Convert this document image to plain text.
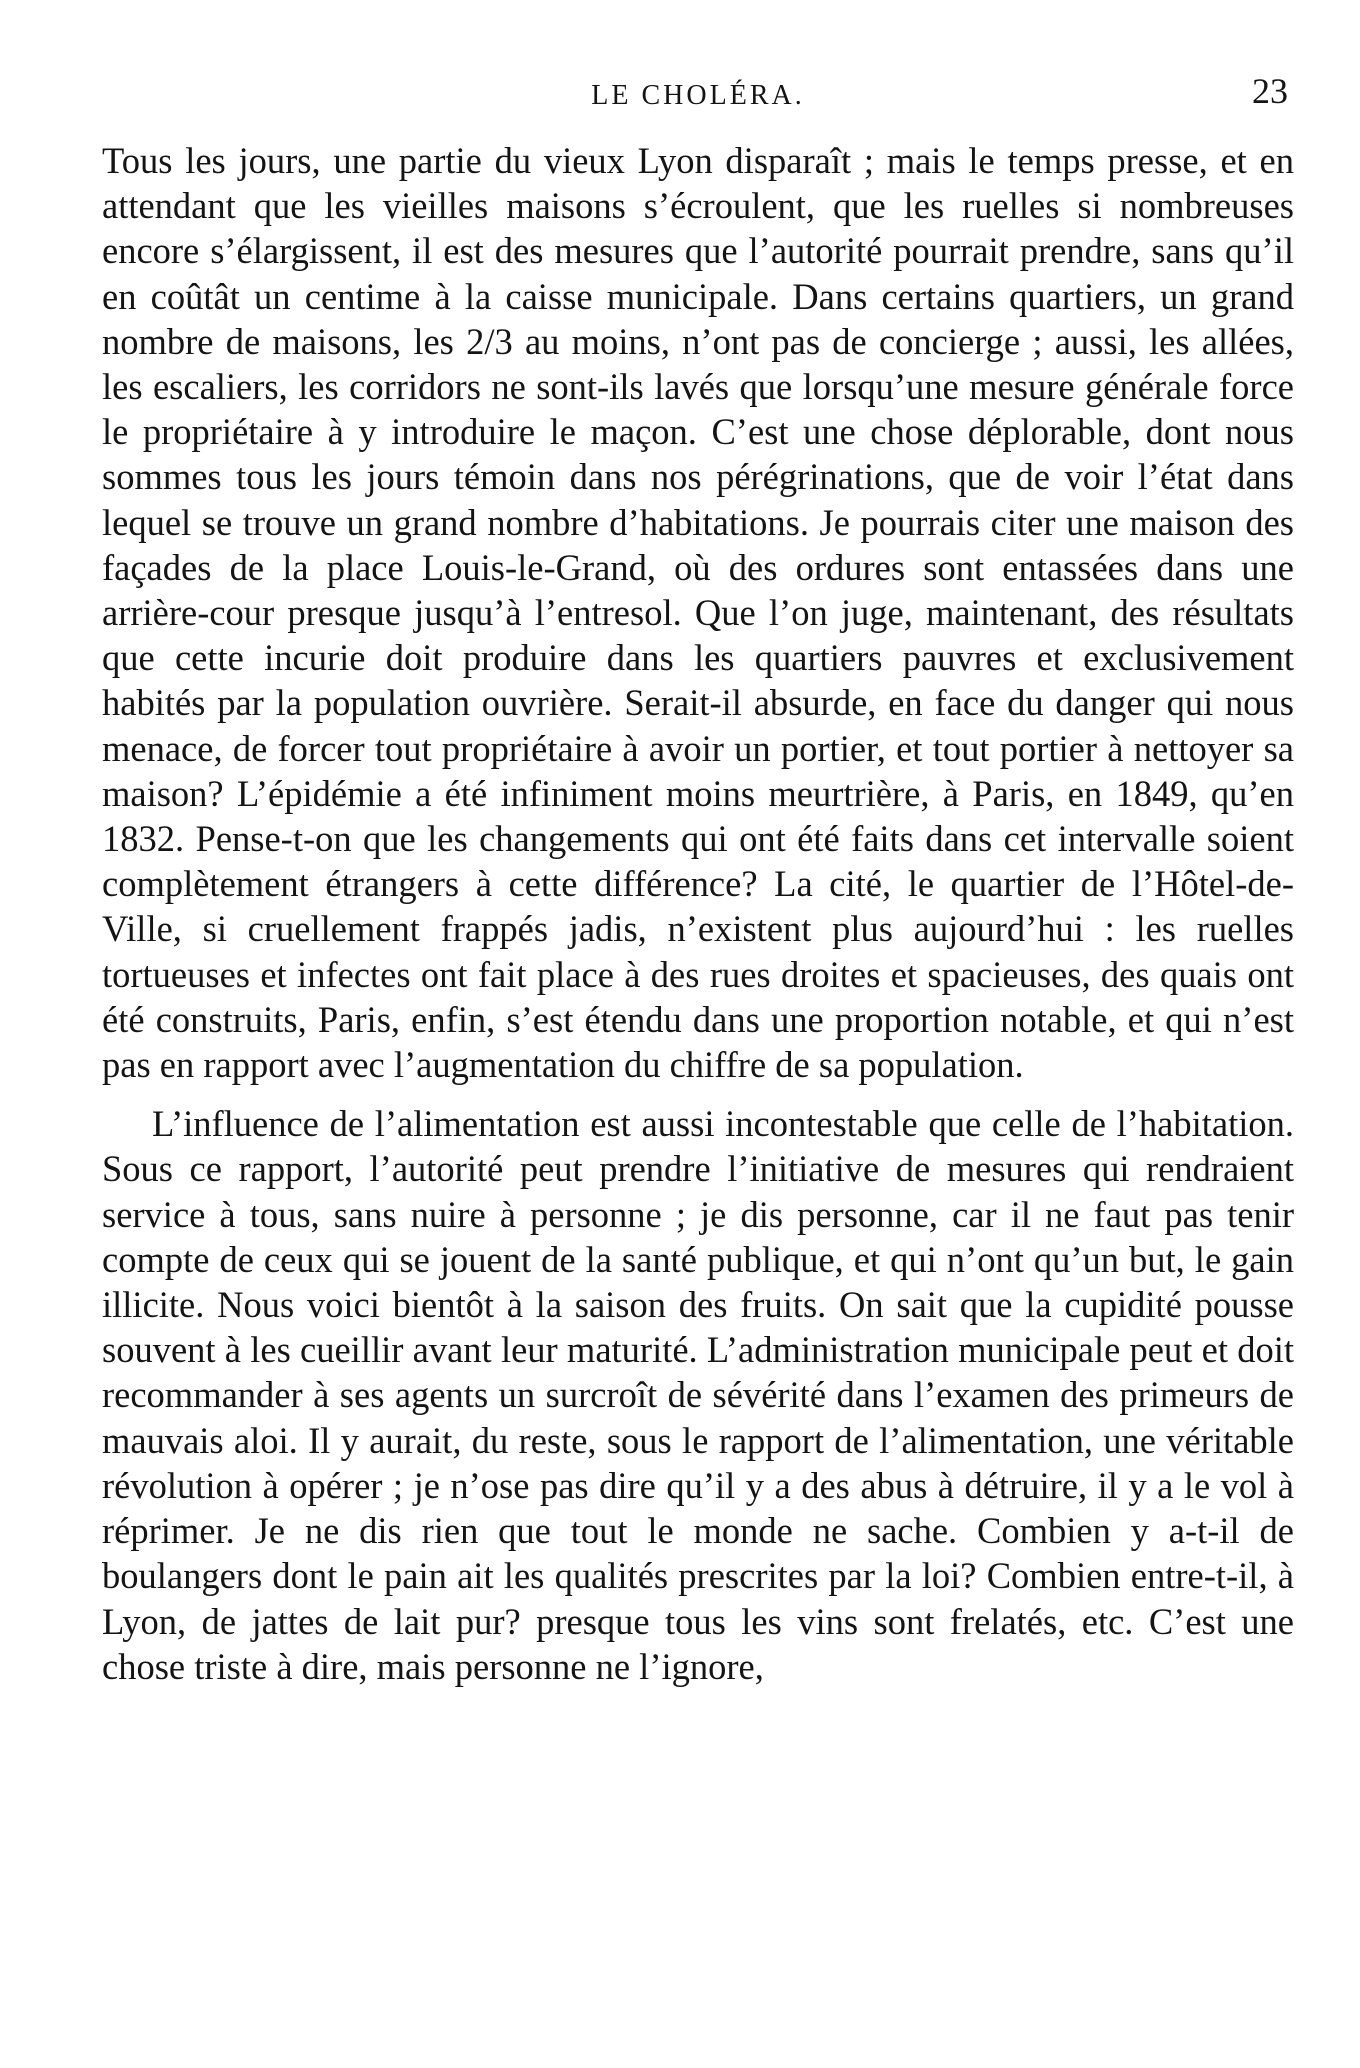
LE CHOLÉRA.	23

Tous les jours, une partie du vieux Lyon disparaît ; mais le temps presse, et en attendant que les vieilles maisons s’écroulent, que les ruelles si nombreuses encore s’élargissent, il est des mesures que l’autorité pourrait prendre, sans qu’il en coûtât un centime à la caisse municipale. Dans certains quartiers, un grand nombre de maisons, les 2/3 au moins, n’ont pas de concierge ; aussi, les allées, les escaliers, les corridors ne sont-ils lavés que lorsqu’une mesure générale force le propriétaire à y introduire le maçon. C’est une chose déplorable, dont nous sommes tous les jours témoin dans nos pérégrinations, que de voir l’état dans lequel se trouve un grand nombre d’habitations. Je pourrais citer une maison des façades de la place Louis-le-Grand, où des ordures sont entassées dans une arrière-cour presque jusqu’à l’entresol. Que l’on juge, maintenant, des résultats que cette incurie doit produire dans les quartiers pauvres et exclusivement habités par la population ouvrière. Serait-il absurde, en face du danger qui nous menace, de forcer tout propriétaire à avoir un portier, et tout portier à nettoyer sa maison? L’épidémie a été infiniment moins meurtrière, à Paris, en 1849, qu’en 1832. Pense-t-on que les changements qui ont été faits dans cet intervalle soient complètement étrangers à cette différence? La cité, le quartier de l’Hôtel-de-Ville, si cruellement frappés jadis, n’existent plus aujourd’hui : les ruelles tortueuses et infectes ont fait place à des rues droites et spacieuses, des quais ont été construits, Paris, enfin, s’est étendu dans une proportion notable, et qui n’est pas en rapport avec l’augmentation du chiffre de sa population.

L’influence de l’alimentation est aussi incontestable que celle de l’habitation. Sous ce rapport, l’autorité peut prendre l’initiative de mesures qui rendraient service à tous, sans nuire à personne ; je dis personne, car il ne faut pas tenir compte de ceux qui se jouent de la santé publique, et qui n’ont qu’un but, le gain illicite. Nous voici bientôt à la saison des fruits. On sait que la cupidité pousse souvent à les cueillir avant leur maturité. L’administration municipale peut et doit recommander à ses agents un surcroît de sévérité dans l’examen des primeurs de mauvais aloi. Il y aurait, du reste, sous le rapport de l’alimentation, une véritable révolution à opérer ; je n’ose pas dire qu’il y a des abus à détruire, il y a le vol à réprimer. Je ne dis rien que tout le monde ne sache. Combien y a-t-il de boulangers dont le pain ait les qualités prescrites par la loi? Combien entre-t-il, à Lyon, de jattes de lait pur? presque tous les vins sont frelatés, etc. C’est une chose triste à dire, mais personne ne l’ignore,
